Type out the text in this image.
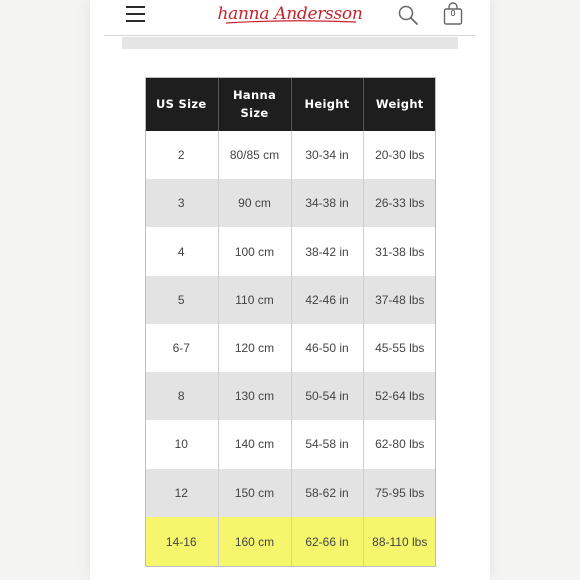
hanna Andersson	0
US Size	Hanna Size	Height	Weight
2	80/85 cm	30-34 in	20-30 lbs
3	90 cm	34-38 in	26-33 lbs
4	100 cm	38-42 in	31-38 lbs
5	110 cm	42-46 in	37-48 lbs
6-7	120 cm	46-50 in	45-55 lbs
8	130 cm	50-54 in	52-64 lbs
10	140 cm	54-58 in	62-80 lbs
12	150 cm	58-62 in	75-95 lbs
14-16	160 cm	62-66 in	88-110 lbs
